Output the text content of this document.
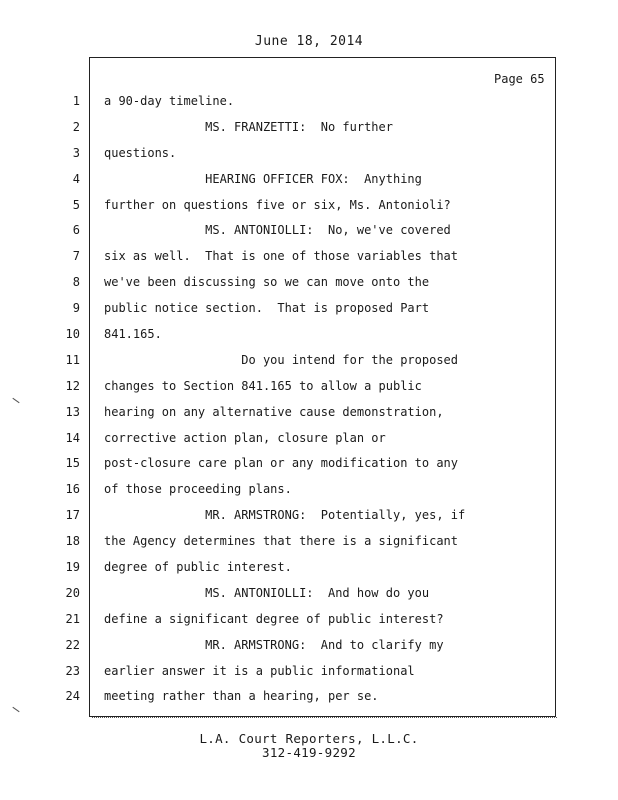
June 18, 2014
Page 65
1
2
3
4
5
6
7
8
9
10
11
12
13
14
15
16
17
18
19
20
21
22
23
24
a 90-day timeline.
MS. FRANZETTI:  No further
questions.
HEARING OFFICER FOX:  Anything
further on questions five or six, Ms. Antonioli?
MS. ANTONIOLLI:  No, we've covered
six as well.  That is one of those variables that
we've been discussing so we can move onto the
public notice section.  That is proposed Part
841.165.
Do you intend for the proposed
changes to Section 841.165 to allow a public
hearing on any alternative cause demonstration,
corrective action plan, closure plan or
post-closure care plan or any modification to any
of those proceeding plans.
MR. ARMSTRONG:  Potentially, yes, if
the Agency determines that there is a significant
degree of public interest.
MS. ANTONIOLLI:  And how do you
define a significant degree of public interest?
MR. ARMSTRONG:  And to clarify my
earlier answer it is a public informational
meeting rather than a hearing, per se.
L.A. Court Reporters, L.L.C.
312-419-9292
